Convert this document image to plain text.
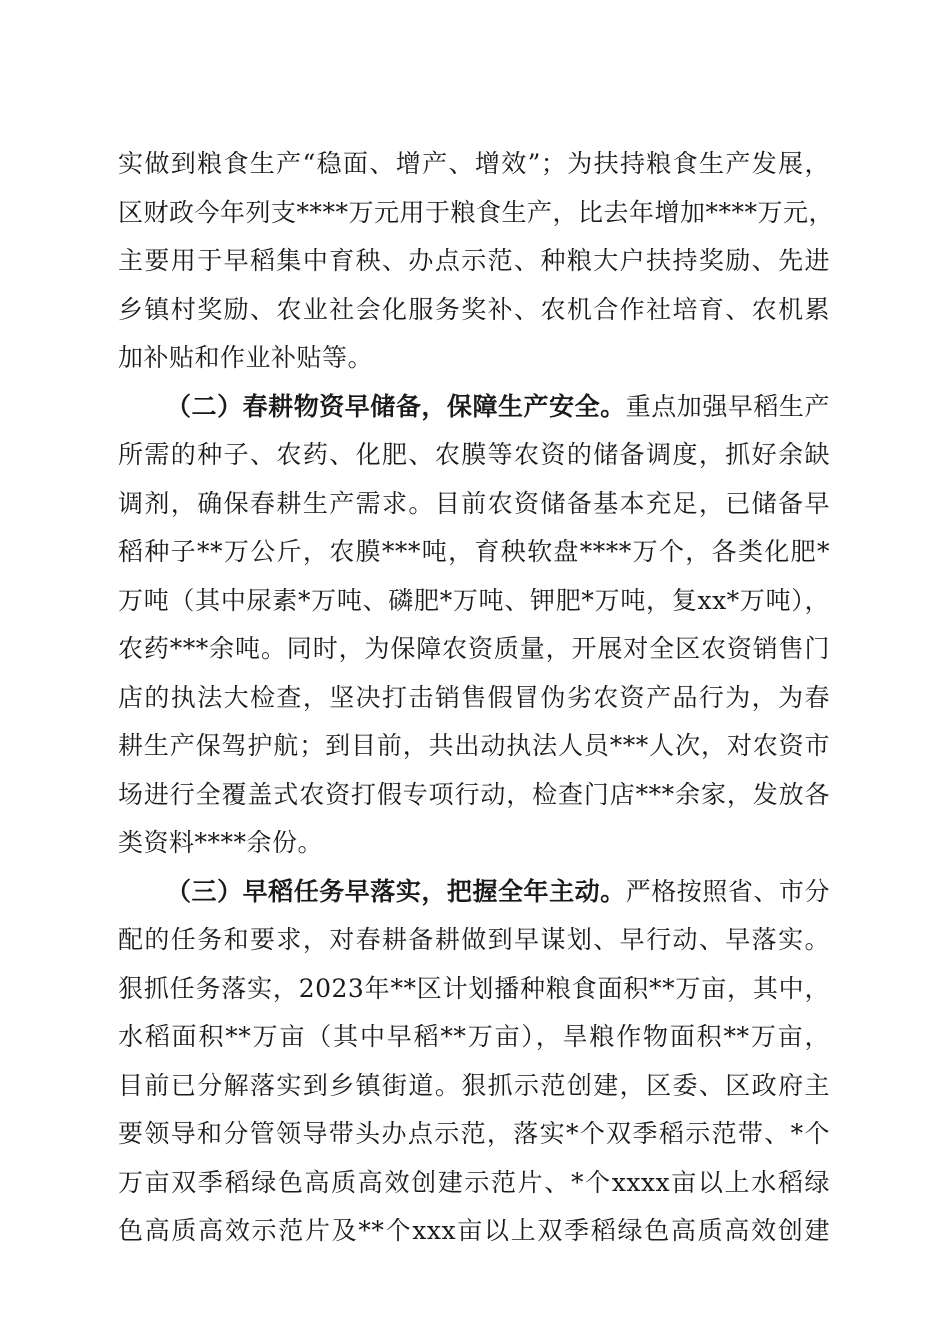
实做到粮食生产“稳面、增产、增效”；为扶持粮食生产发展，
区财政今年列支****万元用于粮食生产，比去年增加****万元，
主要用于早稻集中育秧、办点示范、种粮大户扶持奖励、先进
乡镇村奖励、农业社会化服务奖补、农机合作社培育、农机累
加补贴和作业补贴等。
（二）春耕物资早储备，保障生产安全。重点加强早稻生产
所需的种子、农药、化肥、农膜等农资的储备调度，抓好余缺
调剂，确保春耕生产需求。目前农资储备基本充足，已储备早
稻种子**万公斤，农膜***吨，育秧软盘****万个，各类化肥*
万吨（其中尿素*万吨、磷肥*万吨、钾肥*万吨，复xx*万吨），
农药***余吨。同时，为保障农资质量，开展对全区农资销售门
店的执法大检查，坚决打击销售假冒伪劣农资产品行为，为春
耕生产保驾护航；到目前，共出动执法人员***人次，对农资市
场进行全覆盖式农资打假专项行动，检查门店***余家，发放各
类资料****余份。
（三）早稻任务早落实，把握全年主动。严格按照省、市分
配的任务和要求，对春耕备耕做到早谋划、早行动、早落实。
狠抓任务落实，2023年**区计划播种粮食面积**万亩，其中，
水稻面积**万亩（其中早稻**万亩），旱粮作物面积**万亩，
目前已分解落实到乡镇街道。狠抓示范创建，区委、区政府主
要领导和分管领导带头办点示范，落实*个双季稻示范带、*个
万亩双季稻绿色高质高效创建示范片、*个xxxx亩以上水稻绿
色高质高效示范片及**个xxx亩以上双季稻绿色高质高效创建
